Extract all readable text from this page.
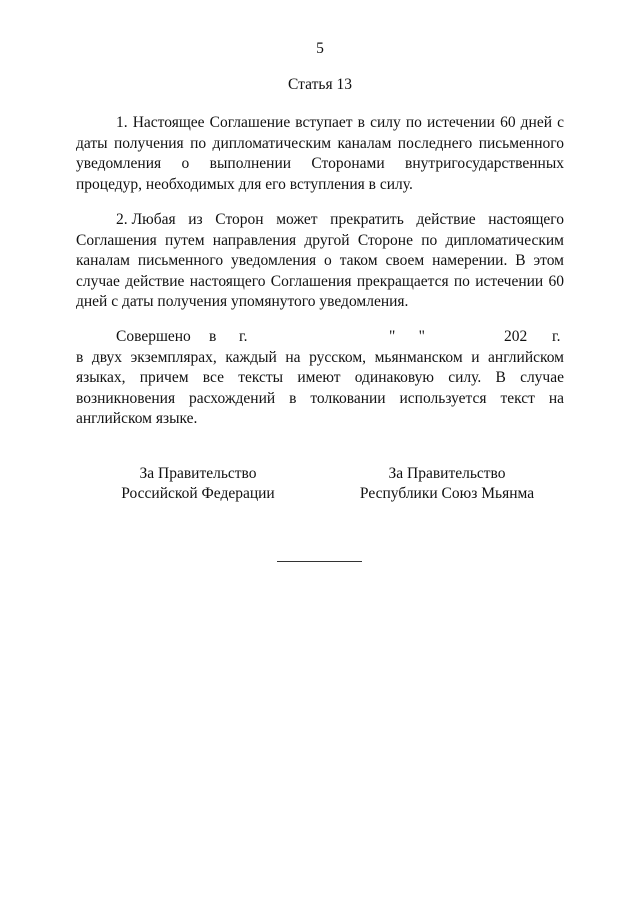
5
Статья 13

1. Настоящее Соглашение вступает в силу по истечении 60 дней с даты получения по дипломатическим каналам последнего письменного уведомления о выполнении Сторонами внутригосударственных процедур, необходимых для его вступления в силу.

2. Любая из Сторон может прекратить действие настоящего Соглашения путем направления другой Стороне по дипломатическим каналам письменного уведомления о таком своем намерении. В этом случае действие настоящего Соглашения прекращается по истечении 60 дней с даты получения упомянутого уведомления.

Совершено в г.	"      "	202 г.

в двух экземплярах, каждый на русском, мьянманском и английском языках, причем все тексты имеют одинаковую силу. В случае возникновения расхождений в толковании используется текст на английском языке.

За Правительство
Российской Федерации
За Правительство
Республики Союз Мьянма
